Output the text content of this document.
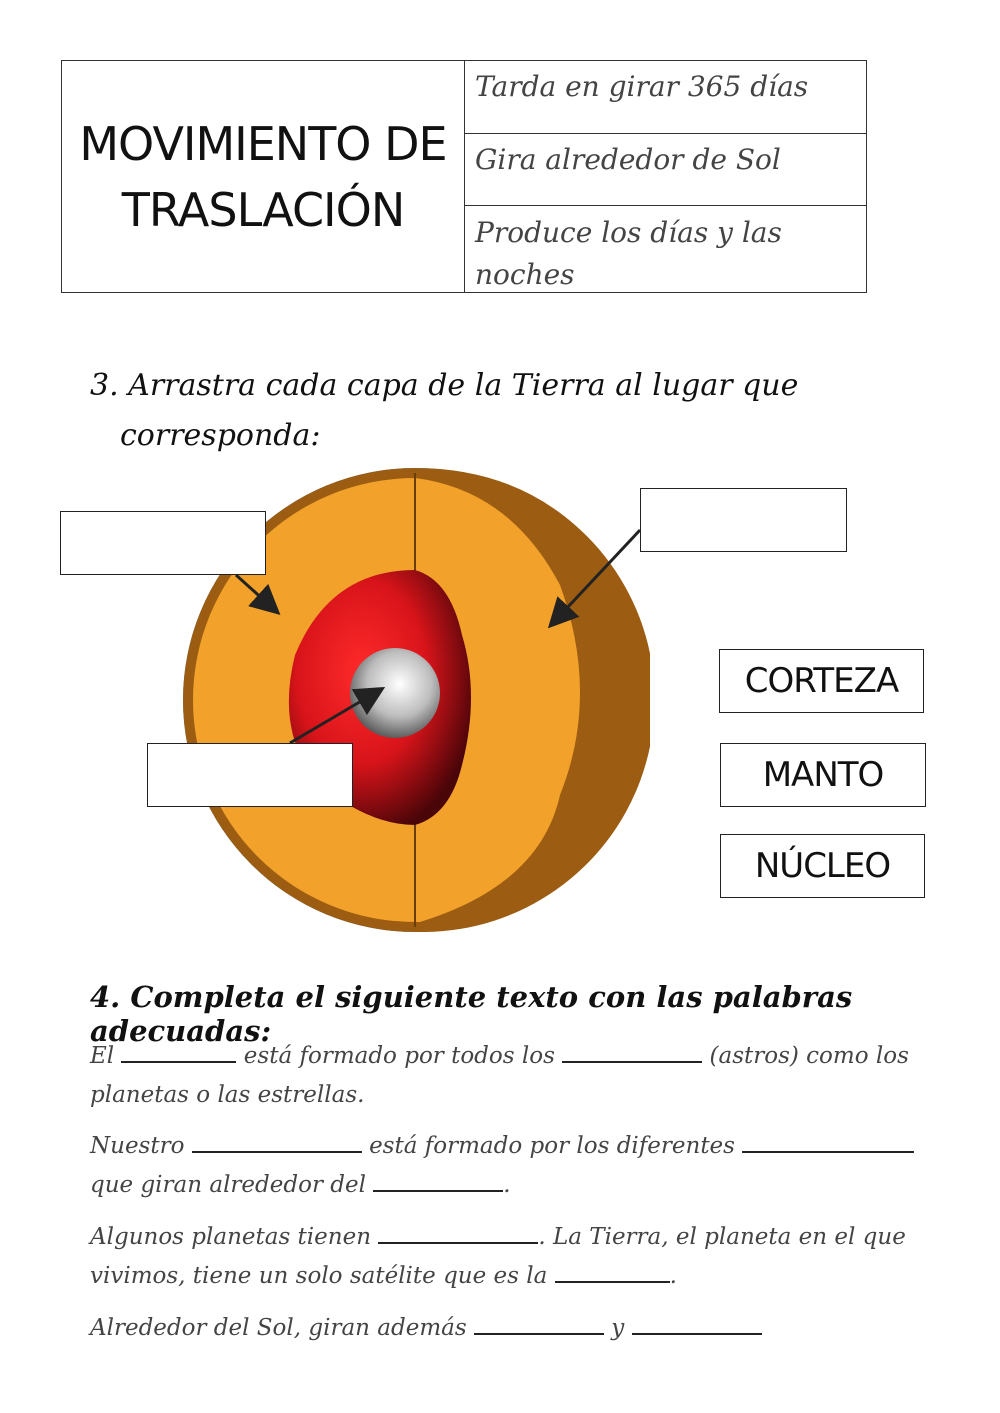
MOVIMIENTO DE
TRASLACIÓN
Tarda en girar 365 días
Gira alrededor de Sol
Produce los días y las noches
3. Arrastra cada capa de la Tierra al lugar que
corresponda:
CORTEZA
MANTO
NÚCLEO
4. Completa el siguiente texto con las palabras adecuadas:
El	está formado por todos los	(astros) como los
planetas o las estrellas.
Nuestro	está formado por los diferentes
que giran alrededor del	.
Algunos planetas tienen	. La Tierra, el planeta en el que
vivimos, tiene un solo satélite que es la	.
Alrededor del Sol, giran además	y
